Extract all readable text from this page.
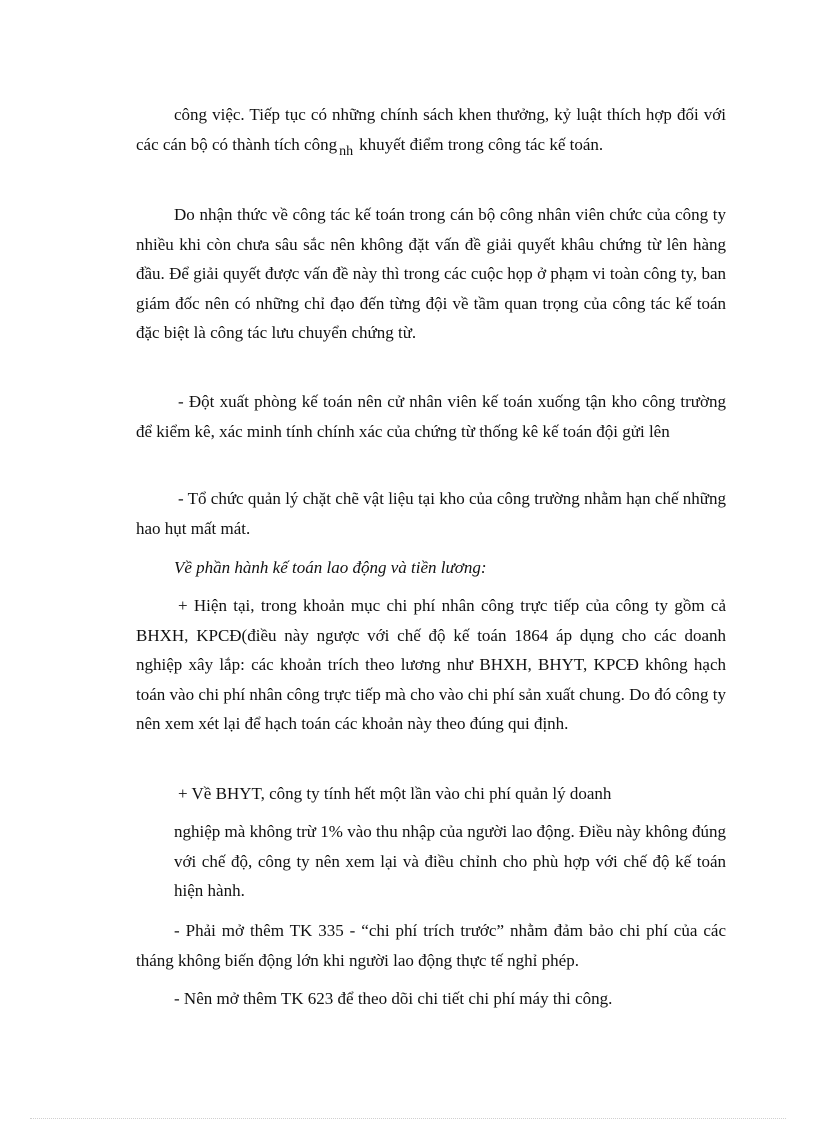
công việc. Tiếp tục có những chính sách khen thưởng, kỷ luật thích hợp đối với các cán bộ có thành tích công $_{nh}$ khuyết điểm trong công tác kế toán.

Do nhận thức về công tác kế toán trong cán bộ công nhân viên chức của công ty nhiều khi còn chưa sâu sắc nên không đặt vấn đề giải quyết khâu chứng từ lên hàng đầu. Để giải quyết được vấn đề này thì trong các cuộc họp ở phạm vi toàn công ty, ban giám đốc nên có những chỉ đạo đến từng đội về tầm quan trọng của công tác kế toán đặc biệt là công tác lưu chuyển chứng từ.

- Đột xuất phòng kế toán nên cử nhân viên kế toán xuống tận kho công trường để kiểm kê, xác minh tính chính xác của chứng từ thống kê kế toán đội gửi lên

- Tổ chức quản lý chặt chẽ vật liệu tại kho của công trường nhằm hạn chế những hao hụt mất mát.

Về phần hành kế toán lao động và tiền lương:

+ Hiện tại, trong khoản mục chi phí nhân công trực tiếp của công ty gồm cả BHXH, KPCĐ(điều này ngược với chế độ kế toán 1864 áp dụng cho các doanh nghiệp xây lắp: các khoản trích theo lương như BHXH, BHYT, KPCĐ không hạch toán vào chi phí nhân công trực tiếp mà cho vào chi phí sản xuất chung. Do đó công ty nên xem xét lại để hạch toán các khoản này theo đúng qui định.

+ Về BHYT, công ty tính hết một lần vào chi phí quản lý doanh

nghiệp mà không trừ 1% vào thu nhập của người lao động. Điều này không đúng với chế độ, công ty nên xem lại và điều chỉnh cho phù hợp với chế độ kế toán hiện hành.

- Phải mở thêm TK 335 - “chi phí trích trước” nhằm đảm bảo chi phí của các tháng không biến động lớn khi người lao động thực tế nghỉ phép.

- Nên mở thêm TK 623 để theo dõi chi tiết chi phí máy thi công.
